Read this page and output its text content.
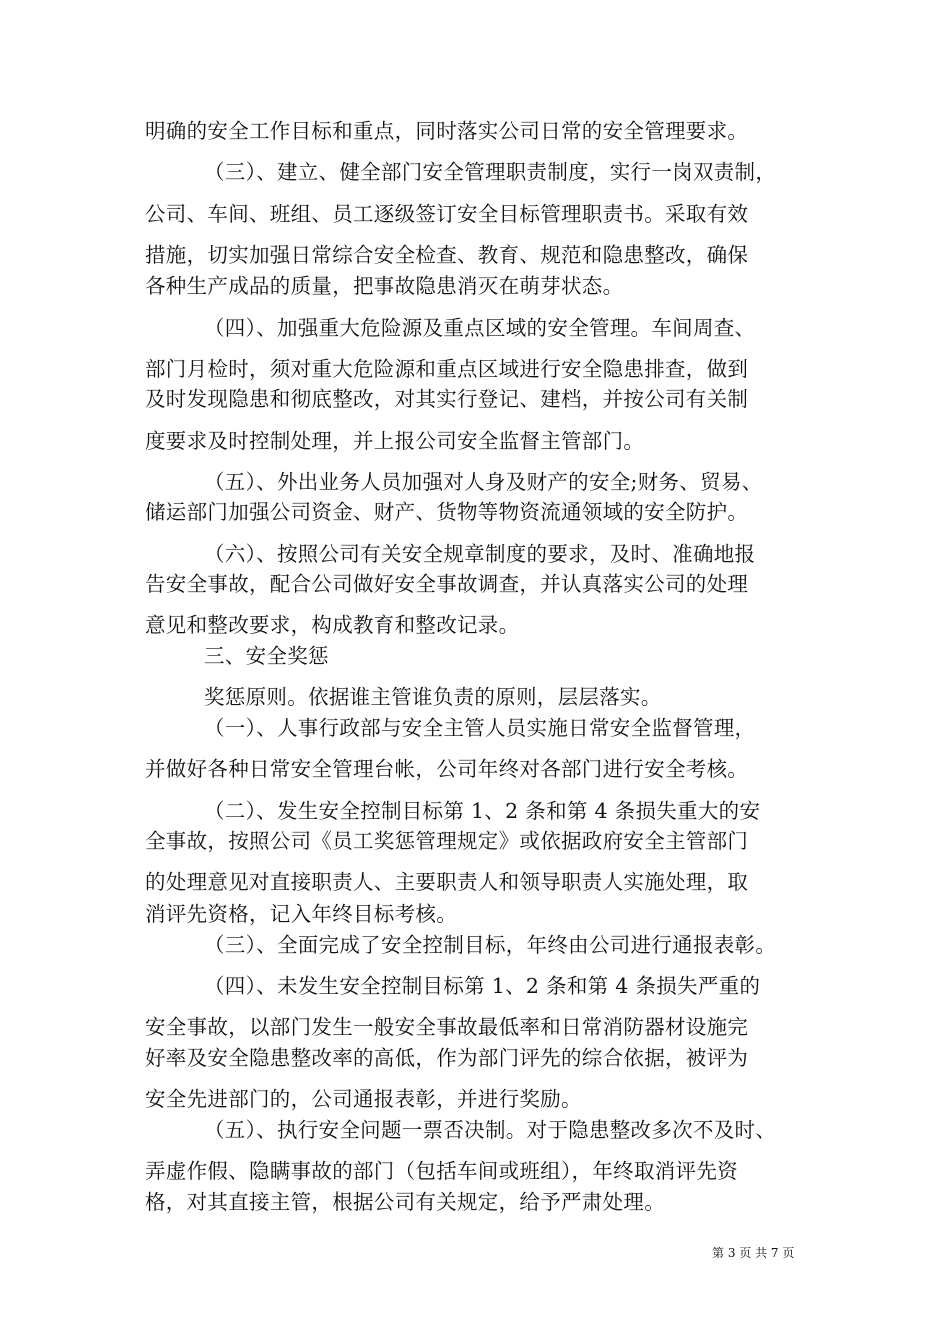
明确的安全工作目标和重点，同时落实公司日常的安全管理要求。
（三）、建立、健全部门安全管理职责制度，实行一岗双责制，
公司、车间、班组、员工逐级签订安全目标管理职责书。采取有效
措施，切实加强日常综合安全检查、教育、规范和隐患整改，确保
各种生产成品的质量，把事故隐患消灭在萌芽状态。
（四）、加强重大危险源及重点区域的安全管理。车间周查、
部门月检时，须对重大危险源和重点区域进行安全隐患排查，做到
及时发现隐患和彻底整改，对其实行登记、建档，并按公司有关制
度要求及时控制处理，并上报公司安全监督主管部门。
（五）、外出业务人员加强对人身及财产的安全;财务、贸易、
储运部门加强公司资金、财产、货物等物资流通领域的安全防护。
（六）、按照公司有关安全规章制度的要求，及时、准确地报
告安全事故，配合公司做好安全事故调查，并认真落实公司的处理
意见和整改要求，构成教育和整改记录。
三、安全奖惩
奖惩原则。依据谁主管谁负责的原则，层层落实。
（一）、人事行政部与安全主管人员实施日常安全监督管理，
并做好各种日常安全管理台帐，公司年终对各部门进行安全考核。
（二）、发生安全控制目标第 1、2 条和第 4 条损失重大的安
全事故，按照公司《员工奖惩管理规定》或依据政府安全主管部门
的处理意见对直接职责人、主要职责人和领导职责人实施处理，取
消评先资格，记入年终目标考核。
（三）、全面完成了安全控制目标，年终由公司进行通报表彰。
（四）、未发生安全控制目标第 1、2 条和第 4 条损失严重的
安全事故，以部门发生一般安全事故最低率和日常消防器材设施完
好率及安全隐患整改率的高低，作为部门评先的综合依据，被评为
安全先进部门的，公司通报表彰，并进行奖励。
（五）、执行安全问题一票否决制。对于隐患整改多次不及时、
弄虚作假、隐瞒事故的部门（包括车间或班组），年终取消评先资
格，对其直接主管，根据公司有关规定，给予严肃处理。
第 3 页 共 7 页
